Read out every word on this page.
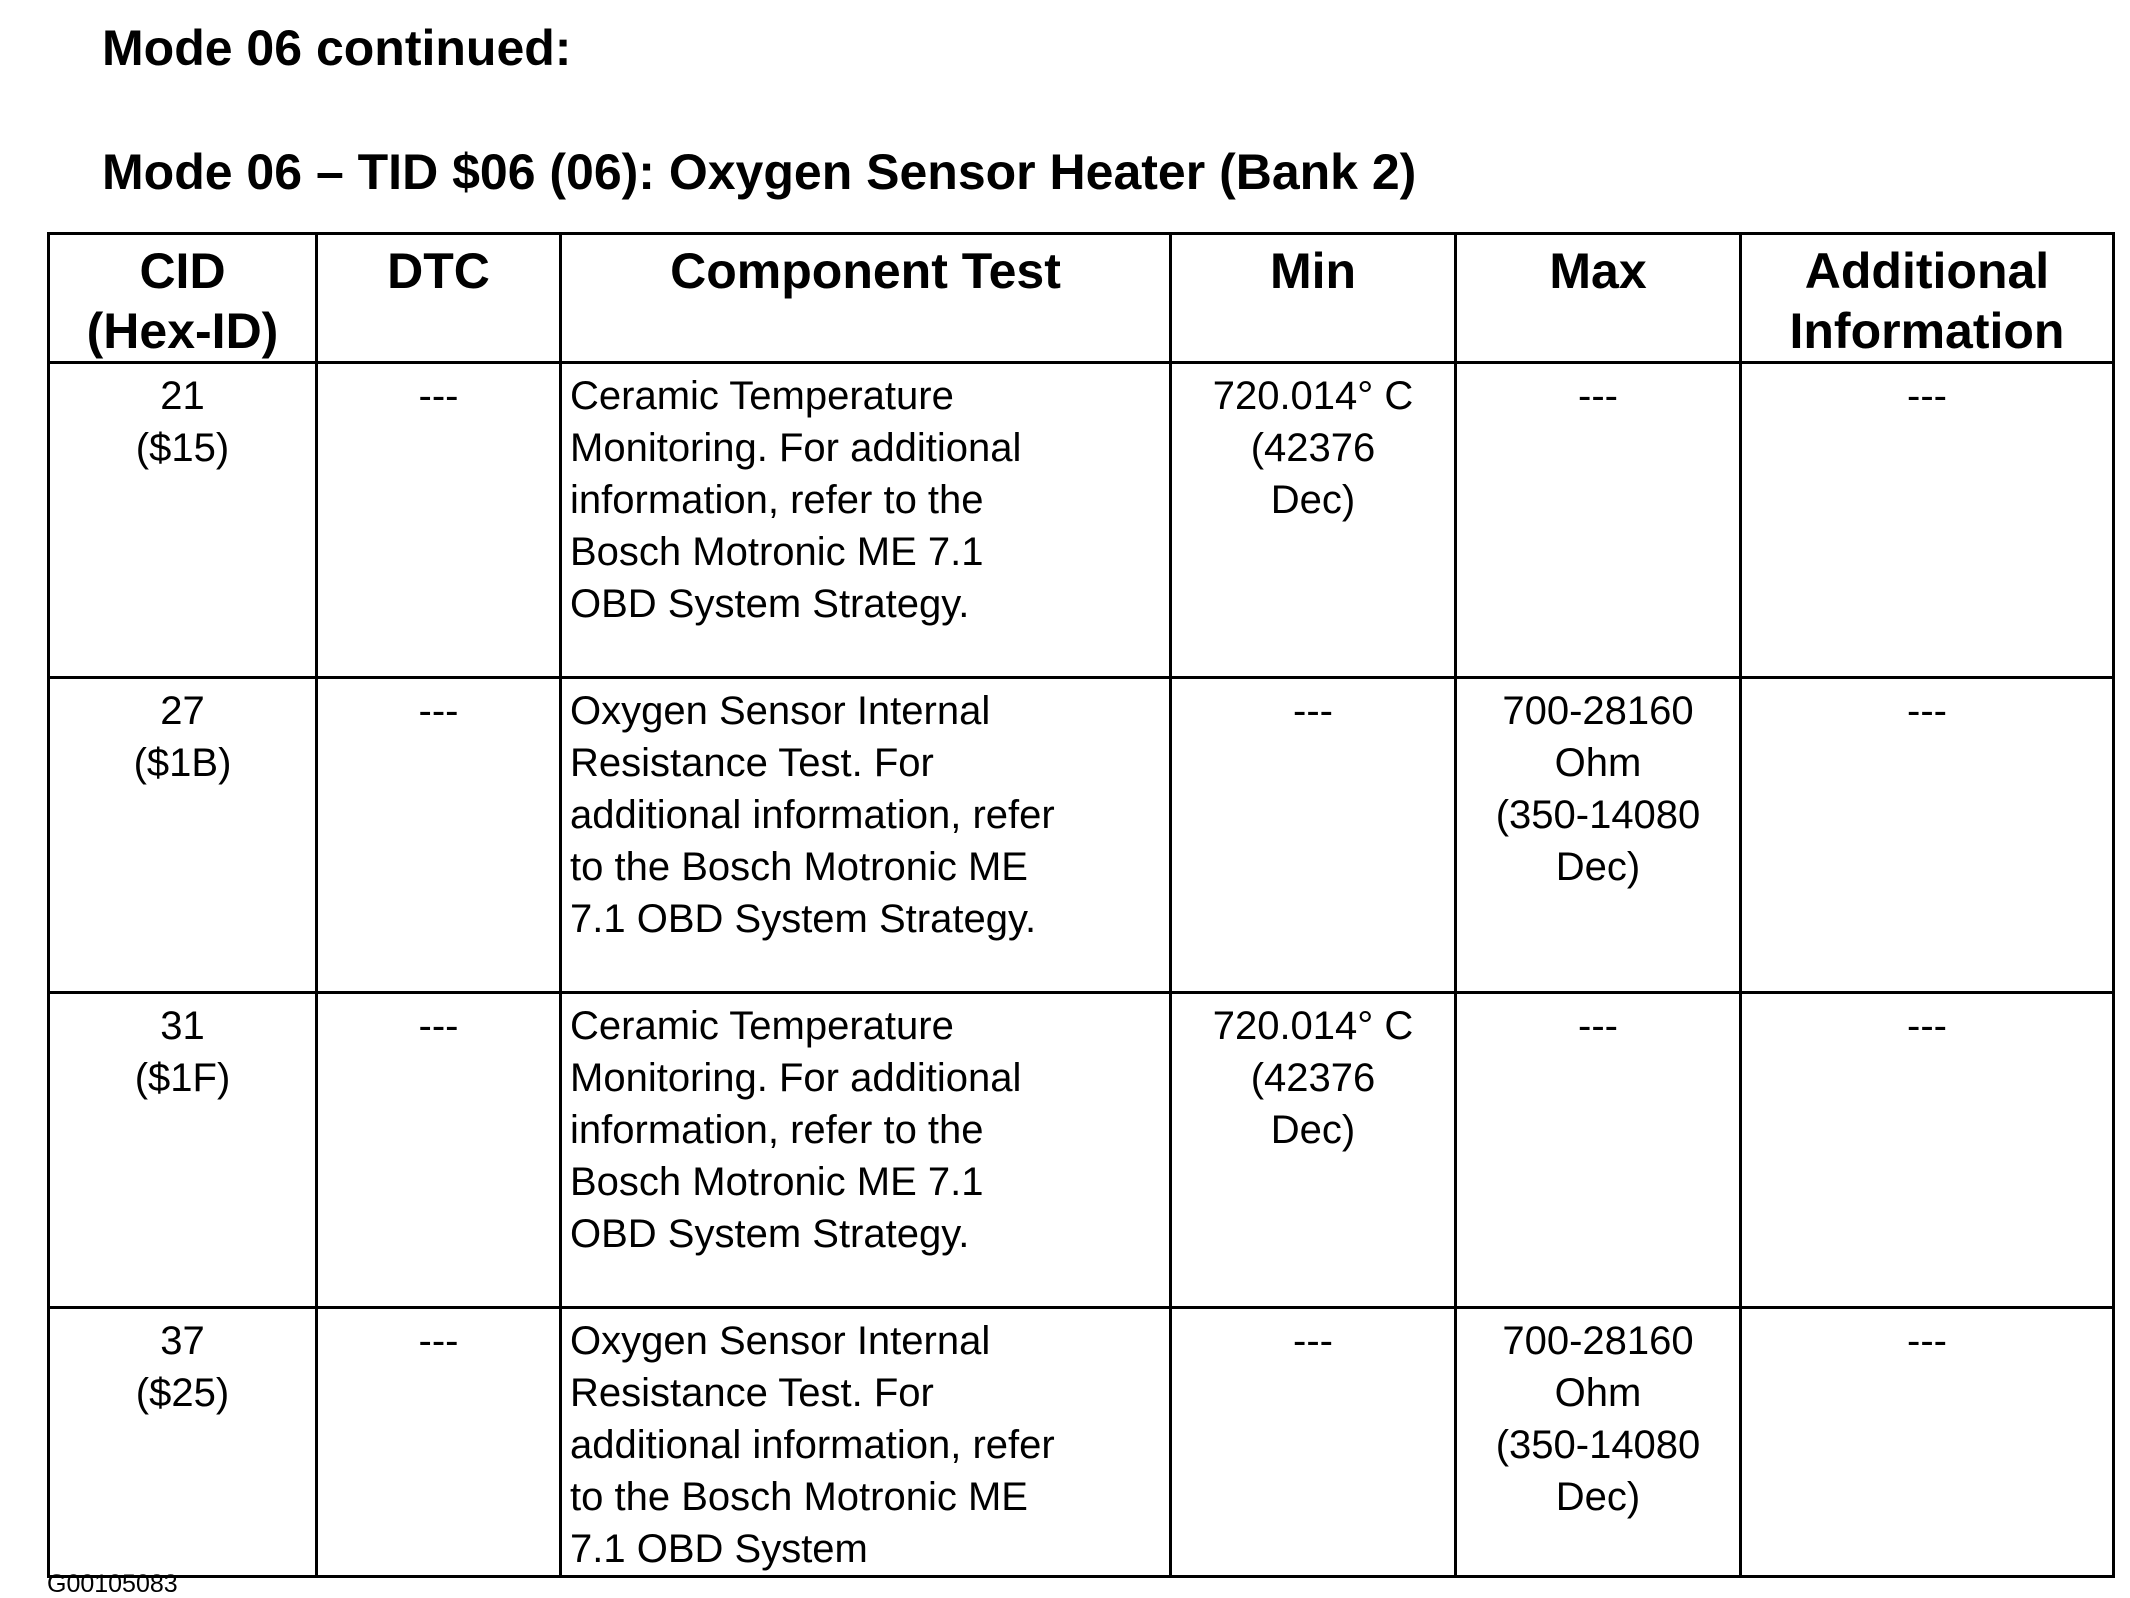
Mode 06 continued:
Mode 06 – TID $06 (06): Oxygen Sensor Heater (Bank 2)
CID
(Hex-ID)	DTC	Component Test	Min	Max	Additional
Information

21
($15)	---	Ceramic Temperature
Monitoring. For additional
information, refer to the
Bosch Motronic ME 7.1
OBD System Strategy.	720.014° C
(42376
Dec)	---	---

27
($1B)	---	Oxygen Sensor Internal
Resistance Test. For
additional information, refer
to the Bosch Motronic ME
7.1 OBD System Strategy.	---	700-28160
Ohm
(350-14080
Dec)	---

31
($1F)	---	Ceramic Temperature
Monitoring. For additional
information, refer to the
Bosch Motronic ME 7.1
OBD System Strategy.	720.014° C
(42376
Dec)	---	---

37
($25)	---	Oxygen Sensor Internal
Resistance Test. For
additional information, refer
to the Bosch Motronic ME
7.1 OBD System	---	700-28160
Ohm
(350-14080
Dec)	---
G00105083
